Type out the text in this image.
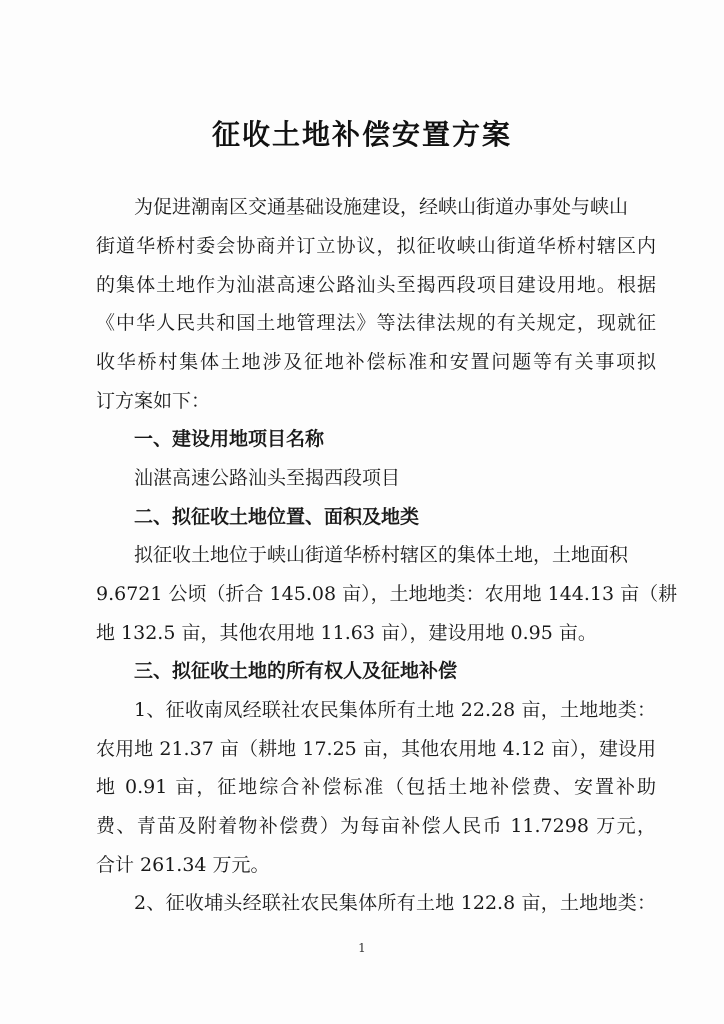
征收土地补偿安置方案
为促进潮南区交通基础设施建设，经峡山街道办事处与峡山
街道华桥村委会协商并订立协议，拟征收峡山街道华桥村辖区内
的集体土地作为汕湛高速公路汕头至揭西段项目建设用地。根据
《中华人民共和国土地管理法》等法律法规的有关规定，现就征
收华桥村集体土地涉及征地补偿标准和安置问题等有关事项拟
订方案如下：
一、建设用地项目名称
汕湛高速公路汕头至揭西段项目
二、拟征收土地位置、面积及地类
拟征收土地位于峡山街道华桥村辖区的集体土地，土地面积
9.6721 公顷（折合 145.08 亩），土地地类：农用地 144.13 亩（耕
地 132.5 亩，其他农用地 11.63 亩），建设用地 0.95 亩。
三、拟征收土地的所有权人及征地补偿
1、征收南凤经联社农民集体所有土地 22.28 亩，土地地类：
农用地 21.37 亩（耕地 17.25 亩，其他农用地 4.12 亩），建设用
地 0.91 亩，征地综合补偿标准（包括土地补偿费、安置补助
费、青苗及附着物补偿费）为每亩补偿人民币 11.7298 万元，
合计 261.34 万元。
2、征收埔头经联社农民集体所有土地 122.8 亩，土地地类：
1
